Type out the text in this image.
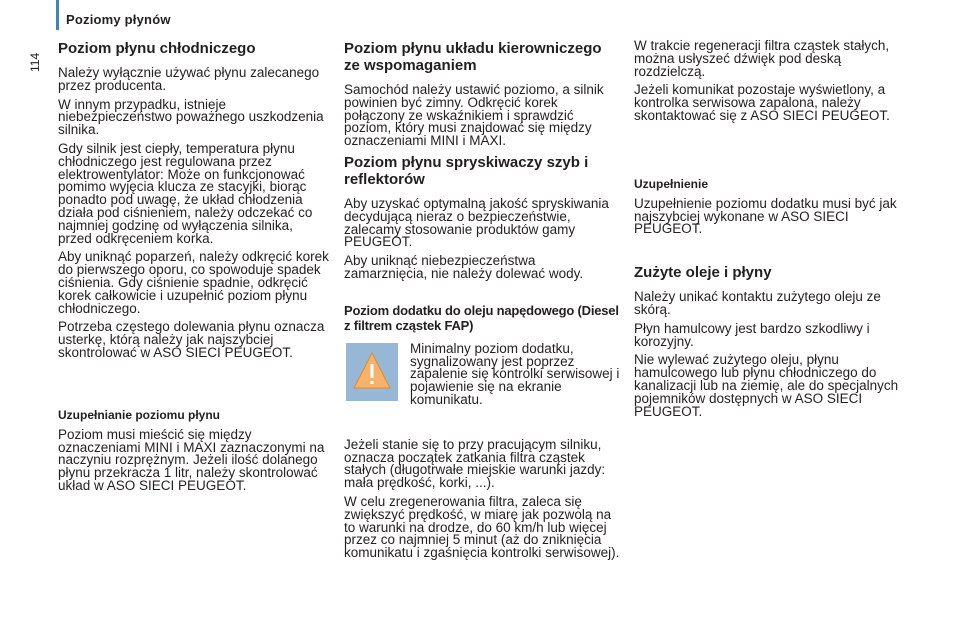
Poziomy płynów
114
Poziom płynu chłodniczego

Należy wyłącznie używać płynu zalecanego przez producenta.

W innym przypadku, istnieje niebezpieczeństwo poważnego uszkodzenia silnika.

Gdy silnik jest ciepły, temperatura płynu chłodniczego jest regulowana przez elektrowentylator: Może on funkcjonować pomimo wyjęcia klucza ze stacyjki, biorąc ponadto pod uwagę, że układ chłodzenia działa pod ciśnieniem, należy odczekać co najmniej godzinę od wyłączenia silnika, przed odkręceniem korka.

Aby uniknąć poparzeń, należy odkręcić korek do pierwszego oporu, co spowoduje spadek ciśnienia. Gdy ciśnienie spadnie, odkręcić korek całkowicie i uzupełnić poziom płynu chłodniczego.

Potrzeba częstego dolewania płynu oznacza usterkę, którą należy jak najszybciej skontrolować w ASO SIECI PEUGEOT.

Uzupełnianie poziomu płynu

Poziom musi mieścić się między oznaczeniami MINI i MAXI zaznaczonymi na naczyniu rozprężnym. Jeżeli ilość dolanego płynu przekracza 1 litr, należy skontrolować układ w ASO SIECI PEUGEOT.

Poziom płynu układu kierowniczego ze wspomaganiem

Samochód należy ustawić poziomo, a silnik powinien być zimny. Odkręcić korek połączony ze wskaźnikiem i sprawdzić poziom, który musi znajdować się między oznaczeniami MINI i MAXI.

Poziom płynu spryskiwaczy szyb i reflektorów

Aby uzyskać optymalną jakość spryskiwania decydującą nieraz o bezpieczeństwie, zalecamy stosowanie produktów gamy PEUGEOT.

Aby uniknąć niebezpieczeństwa zamarznięcia, nie należy dolewać wody.

Poziom dodatku do oleju napędowego (Diesel z filtrem cząstek FAP)

Minimalny poziom dodatku, sygnalizowany jest poprzez zapalenie się kontrolki serwisowej i pojawienie się na ekranie komunikatu.

Jeżeli stanie się to przy pracującym silniku, oznacza początek zatkania filtra cząstek stałych (długotrwałe miejskie warunki jazdy: mała prędkość, korki, ...).

W celu zregenerowania filtra, zaleca się zwiększyć prędkość, w miarę jak pozwolą na to warunki na drodze, do 60 km/h lub więcej przez co najmniej 5 minut (aż do zniknięcia komunikatu i zgaśnięcia kontrolki serwisowej).

W trakcie regeneracji filtra cząstek stałych, można usłyszeć dźwięk pod deską rozdzielczą.

Jeżeli komunikat pozostaje wyświetlony, a kontrolka serwisowa zapalona, należy skontaktować się z ASO SIECI PEUGEOT.

Uzupełnienie

Uzupełnienie poziomu dodatku musi być jak najszybciej wykonane w ASO SIECI PEUGEOT.

Zużyte oleje i płyny

Należy unikać kontaktu zużytego oleju ze skórą.

Płyn hamulcowy jest bardzo szkodliwy i korozyjny.

Nie wylewać zużytego oleju, płynu hamulcowego lub płynu chłodniczego do kanalizacji lub na ziemię, ale do specjalnych pojemników dostępnych w ASO SIECI PEUGEOT.
